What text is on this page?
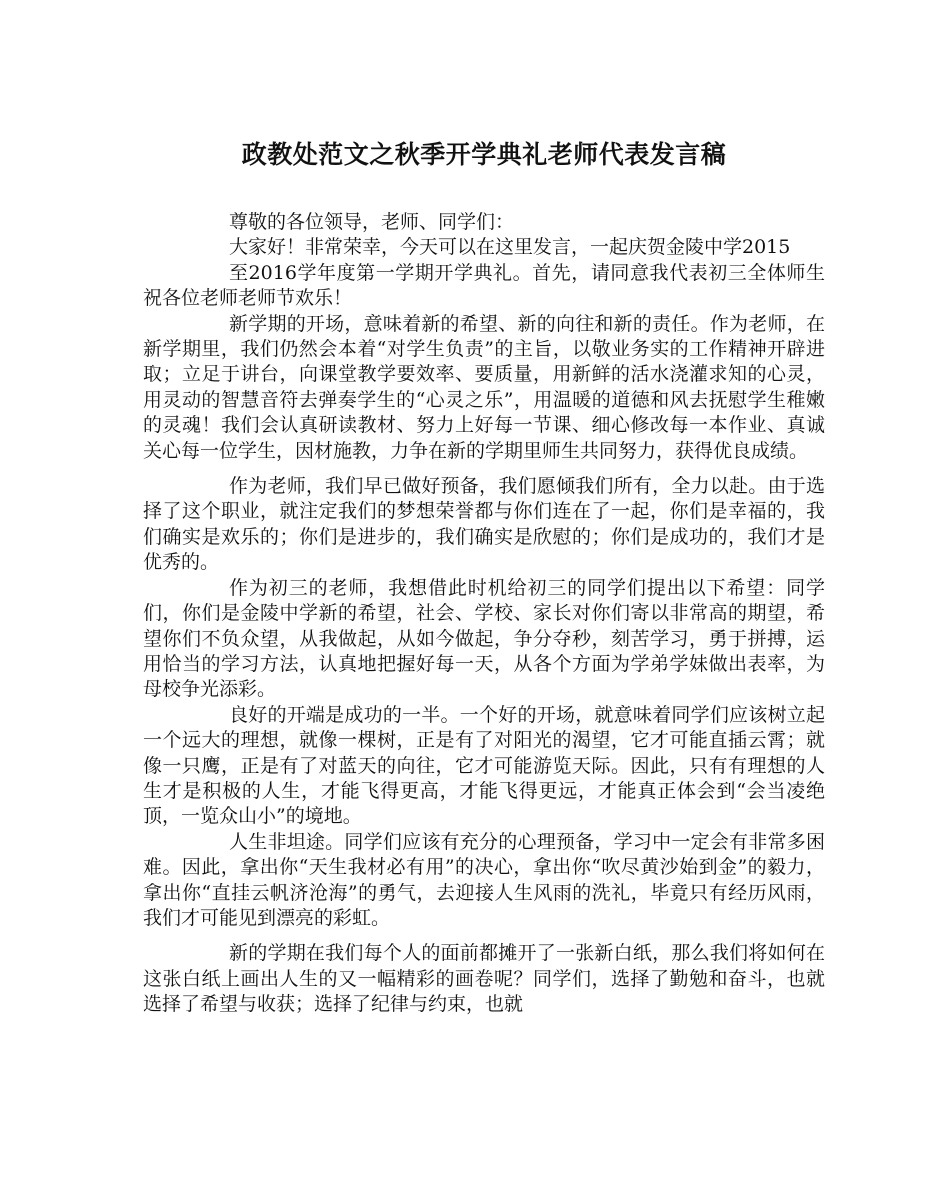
政教处范文之秋季开学典礼老师代表发言稿

尊敬的各位领导，老师、同学们：

大家好！非常荣幸，今天可以在这里发言，一起庆贺金陵中学2015

至2016学年度第一学期开学典礼。首先，请同意我代表初三全体师生祝各位老师老师节欢乐！

新学期的开场，意味着新的希望、新的向往和新的责任。作为老师，在新学期里，我们仍然会本着“对学生负责”的主旨，以敬业务实的工作精神开辟进取；立足于讲台，向课堂教学要效率、要质量，用新鲜的活水浇灌求知的心灵，用灵动的智慧音符去弹奏学生的“心灵之乐”，用温暖的道德和风去抚慰学生稚嫩的灵魂！我们会认真研读教材、努力上好每一节课、细心修改每一本作业、真诚关心每一位学生，因材施教，力争在新的学期里师生共同努力，获得优良成绩。

作为老师，我们早已做好预备，我们愿倾我们所有，全力以赴。由于选择了这个职业，就注定我们的梦想荣誉都与你们连在了一起，你们是幸福的，我们确实是欢乐的；你们是进步的，我们确实是欣慰的；你们是成功的，我们才是优秀的。

作为初三的老师，我想借此时机给初三的同学们提出以下希望：同学们，你们是金陵中学新的希望，社会、学校、家长对你们寄以非常高的期望，希望你们不负众望，从我做起，从如今做起，争分夺秒，刻苦学习，勇于拼搏，运用恰当的学习方法，认真地把握好每一天，从各个方面为学弟学妹做出表率，为母校争光添彩。

良好的开端是成功的一半。一个好的开场，就意味着同学们应该树立起一个远大的理想，就像一棵树，正是有了对阳光的渴望，它才可能直插云霄；就像一只鹰，正是有了对蓝天的向往，它才可能游览天际。因此，只有有理想的人生才是积极的人生，才能飞得更高，才能飞得更远，才能真正体会到“会当凌绝顶，一览众山小”的境地。

人生非坦途。同学们应该有充分的心理预备，学习中一定会有非常多困难。因此，拿出你“天生我材必有用”的决心，拿出你“吹尽黄沙始到金”的毅力，拿出你“直挂云帆济沧海”的勇气，去迎接人生风雨的洗礼，毕竟只有经历风雨，我们才可能见到漂亮的彩虹。

新的学期在我们每个人的面前都摊开了一张新白纸，那么我们将如何在这张白纸上画出人生的又一幅精彩的画卷呢？同学们，选择了勤勉和奋斗，也就选择了希望与收获；选择了纪律与约束，也就
